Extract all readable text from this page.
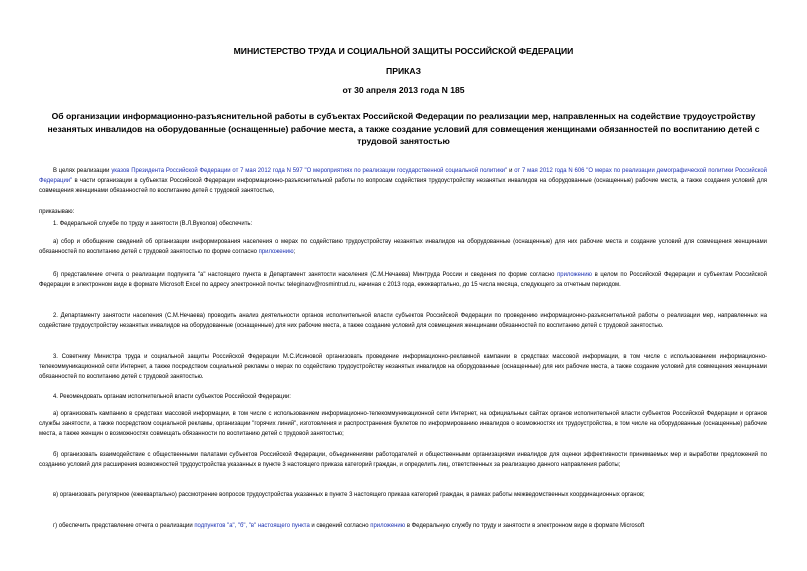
МИНИСТЕРСТВО ТРУДА И СОЦИАЛЬНОЙ ЗАЩИТЫ РОССИЙСКОЙ ФЕДЕРАЦИИ
ПРИКАЗ
от 30 апреля 2013 года N 185
Об организации информационно-разъяснительной работы в субъектах Российской Федерации по реализации мер, направленных на содействие трудоустройству незанятых инвалидов на оборудованные (оснащенные) рабочие места, а также создание условий для совмещения женщинами обязанностей по воспитанию детей с трудовой занятостью
В целях реализации указов Президента Российской Федерации от 7 мая 2012 года N 597 "О мероприятиях по реализации государственной социальной политики" и от 7 мая 2012 года N 606 "О мерах по реализации демографической политики Российской Федерации" в части организации в субъектах Российской Федерации информационно-разъяснительной работы по вопросам содействия трудоустройству незанятых инвалидов на оборудованные (оснащенные) рабочие места, а также создания условий для совмещения женщинами обязанностей по воспитанию детей с трудовой занятостью,
приказываю:
1. Федеральной службе по труду и занятости (В.Л.Вуколов) обеспечить:
а) сбор и обобщение сведений об организации информирования населения о мерах по содействию трудоустройству незанятых инвалидов на оборудованные (оснащенные) для них рабочие места и создание условий для совмещения женщинами обязанностей по воспитанию детей с трудовой занятостью по форме согласно приложению;
б) представление отчета о реализации подпункта "а" настоящего пункта в Департамент занятости населения (С.М.Нечаева) Минтруда России и сведения по форме согласно приложению в целом по Российской Федерации и субъектам Российской Федерации в электронном виде в формате Microsoft Excel по адресу электронной почты: teleginaov@rosmintrud.ru, начиная с 2013 года, ежеквартально, до 15 числа месяца, следующего за отчетным периодом.
2. Департаменту занятости населения (С.М.Нечаева) проводить анализ деятельности органов исполнительной власти субъектов Российской Федерации по проведению информационно-разъяснительной работы о реализации мер, направленных на содействие трудоустройству незанятых инвалидов на оборудованные (оснащенные) для них рабочие места, а также создание условий для совмещения женщинами обязанностей по воспитанию детей с трудовой занятостью.
3. Советнику Министра труда и социальной защиты Российской Федерации М.С.Исиновой организовать проведение информационно-рекламной кампании в средствах массовой информации, в том числе с использованием информационно-телекоммуникационной сети Интернет, а также посредством социальной рекламы о мерах по содействию трудоустройству незанятых инвалидов на оборудованные (оснащенные) для них рабочие места, а также создание условий для совмещения женщинами обязанностей по воспитанию детей с трудовой занятостью.
4. Рекомендовать органам исполнительной власти субъектов Российской Федерации:
а) организовать кампанию в средствах массовой информации, в том числе с использованием информационно-телекоммуникационной сети Интернет, на официальных сайтах органов исполнительной власти субъектов Российской Федерации и органов службы занятости, а также посредством социальной рекламы, организации "горячих линий", изготовления и распространения буклетов по информированию инвалидов о возможностях их трудоустройства, в том числе на оборудованные (оснащенные) рабочие места, а также женщин о возможностях совмещать обязанности по воспитанию детей с трудовой занятостью;
б) организовать взаимодействие с общественными палатами субъектов Российской Федерации, объединениями работодателей и общественными организациями инвалидов для оценки эффективности принимаемых мер и выработки предложений по созданию условий для расширения возможностей трудоустройства указанных в пункте 3 настоящего приказа категорий граждан, и определить лиц, ответственных за реализацию данного направления работы;
в) организовать регулярное (ежеквартально) рассмотрение вопросов трудоустройства указанных в пункте 3 настоящего приказа категорий граждан, в рамках работы межведомственных координационных органов;
г) обеспечить представление отчета о реализации подпунктов "а", "б", "в" настоящего пункта и сведений согласно приложению в Федеральную службу по труду и занятости в электронном виде в формате Microsoft
